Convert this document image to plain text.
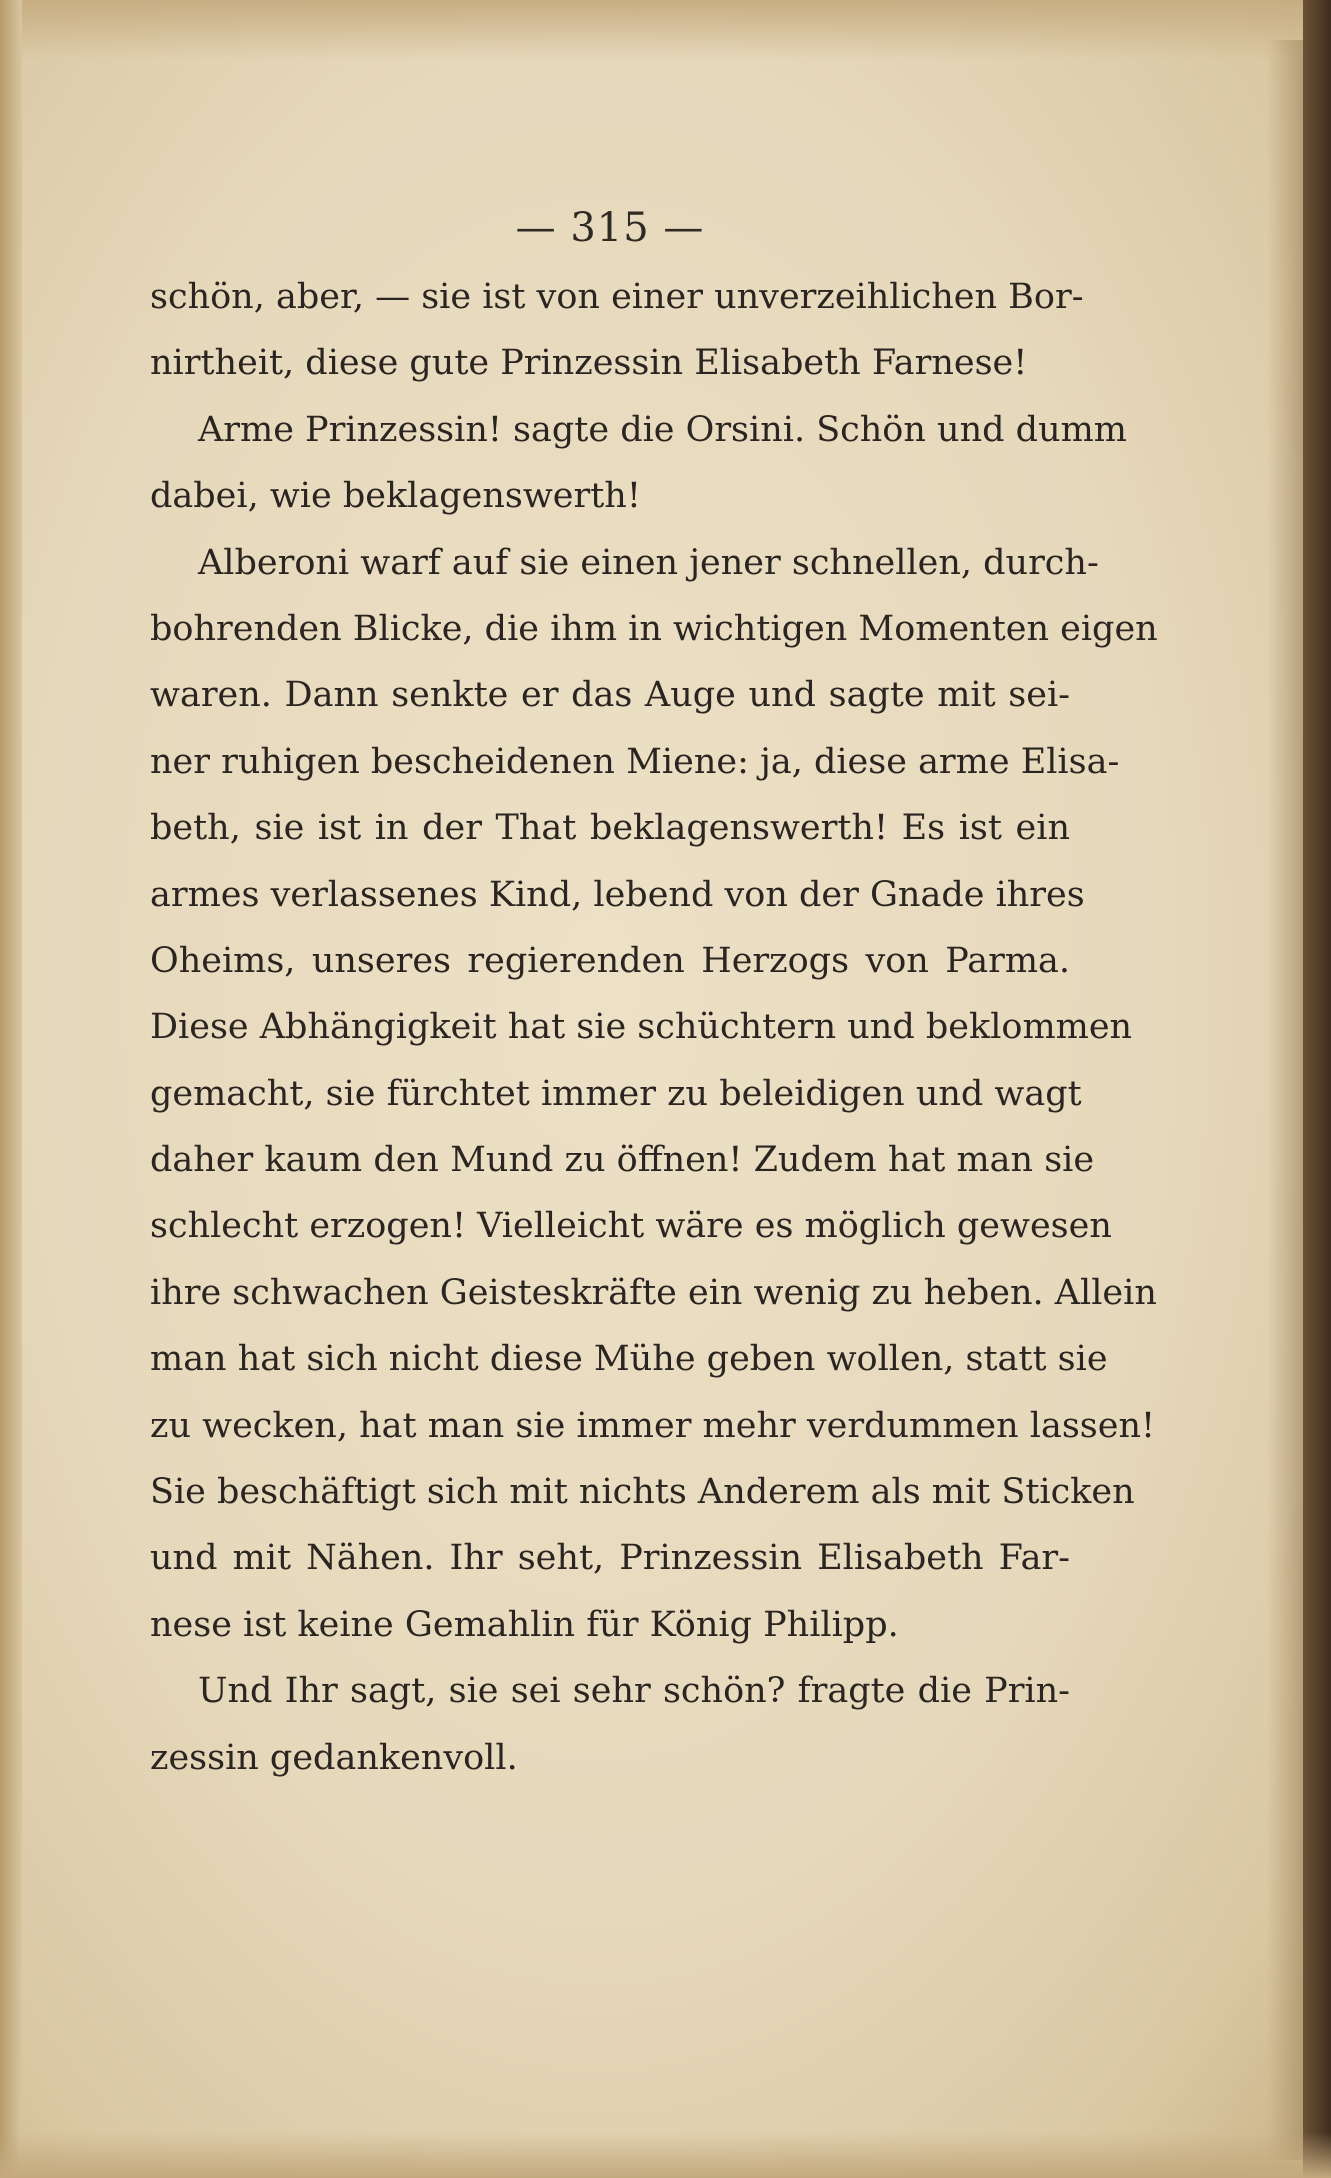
— 315 —
schön, aber, — sie ist von einer unverzeihlichen Bor-
nirtheit, diese gute Prinzessin Elisabeth Farnese!
Arme Prinzessin! sagte die Orsini. Schön und dumm
dabei, wie beklagenswerth!
Alberoni warf auf sie einen jener schnellen, durch-
bohrenden Blicke, die ihm in wichtigen Momenten eigen
waren. Dann senkte er das Auge und sagte mit sei-
ner ruhigen bescheidenen Miene: ja, diese arme Elisa-
beth, sie ist in der That beklagenswerth! Es ist ein
armes verlassenes Kind, lebend von der Gnade ihres
Oheims, unseres regierenden Herzogs von Parma.
Diese Abhängigkeit hat sie schüchtern und beklommen
gemacht, sie fürchtet immer zu beleidigen und wagt
daher kaum den Mund zu öffnen! Zudem hat man sie
schlecht erzogen! Vielleicht wäre es möglich gewesen
ihre schwachen Geisteskräfte ein wenig zu heben. Allein
man hat sich nicht diese Mühe geben wollen, statt sie
zu wecken, hat man sie immer mehr verdummen lassen!
Sie beschäftigt sich mit nichts Anderem als mit Sticken
und mit Nähen. Ihr seht, Prinzessin Elisabeth Far-
nese ist keine Gemahlin für König Philipp.
Und Ihr sagt, sie sei sehr schön? fragte die Prin-
zessin gedankenvoll.
